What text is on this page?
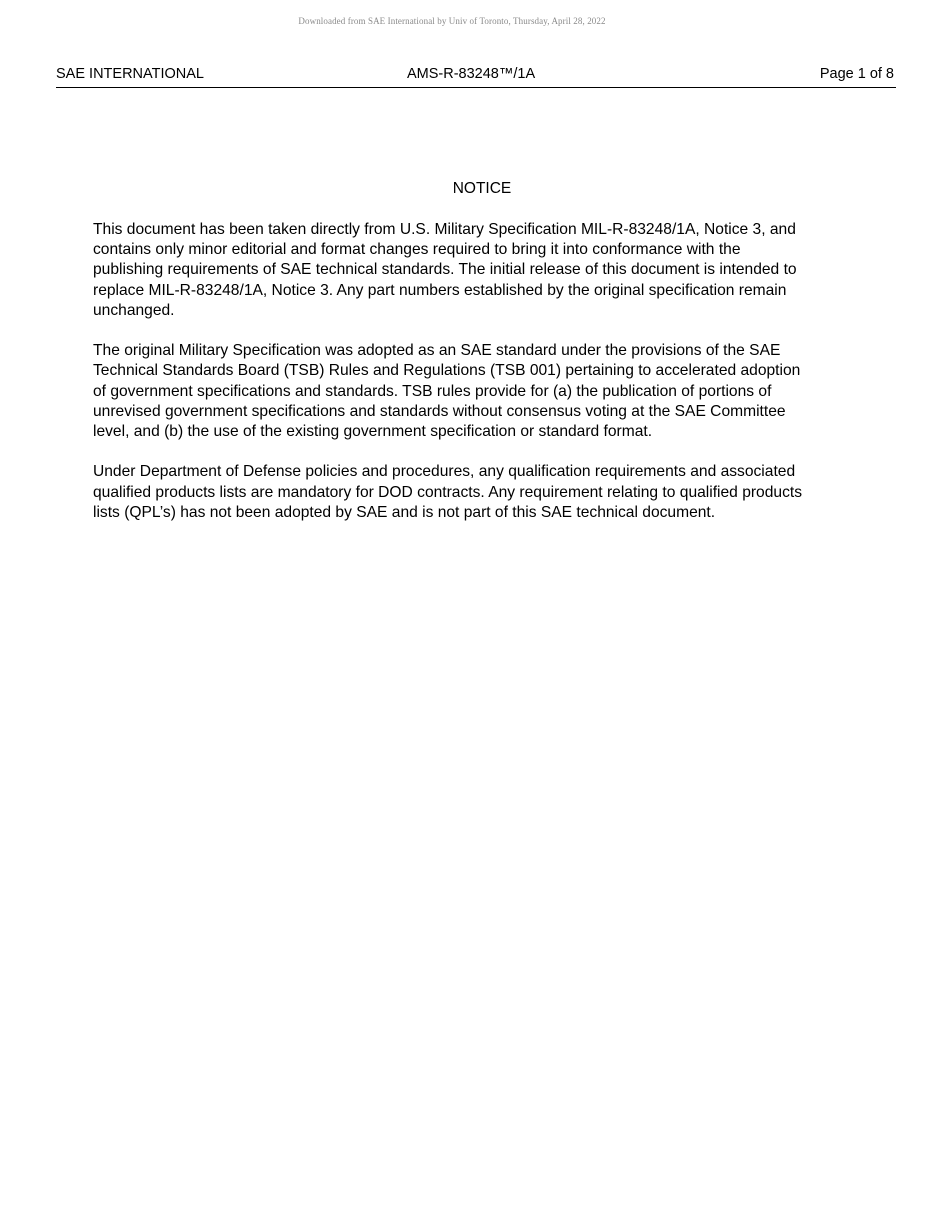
Downloaded from SAE International by Univ of Toronto, Thursday, April 28, 2022
SAE INTERNATIONAL	AMS-R-83248™/1A	Page 1 of 8
NOTICE

This document has been taken directly from U.S. Military Specification MIL-R-83248/1A, Notice 3, and
contains only minor editorial and format changes required to bring it into conformance with the
publishing requirements of SAE technical standards. The initial release of this document is intended to
replace MIL-R-83248/1A, Notice 3. Any part numbers established by the original specification remain
unchanged.

The original Military Specification was adopted as an SAE standard under the provisions of the SAE
Technical Standards Board (TSB) Rules and Regulations (TSB 001) pertaining to accelerated adoption
of government specifications and standards. TSB rules provide for (a) the publication of portions of
unrevised government specifications and standards without consensus voting at the SAE Committee
level, and (b) the use of the existing government specification or standard format.

Under Department of Defense policies and procedures, any qualification requirements and associated
qualified products lists are mandatory for DOD contracts. Any requirement relating to qualified products
lists (QPL’s) has not been adopted by SAE and is not part of this SAE technical document.
